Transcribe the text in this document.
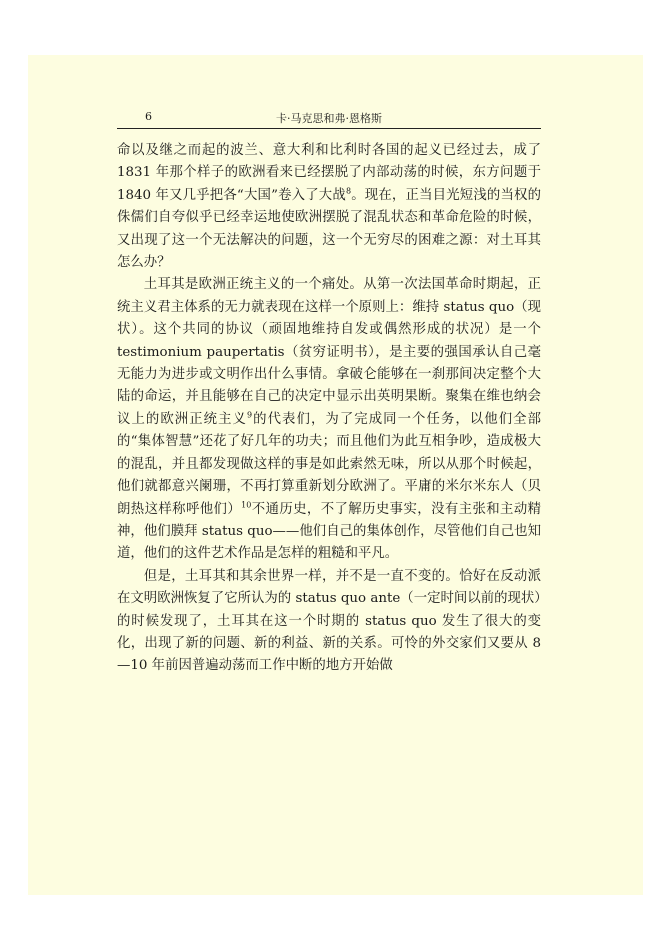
6	卡·马克思和弗·恩格斯

命以及继之而起的波兰、意大利和比利时各国的起义已经过去，成了 1831 年那个样子的欧洲看来已经摆脱了内部动荡的时候，东方问题于 1840 年又几乎把各“大国”卷入了大战$^8$。现在，正当目光短浅的当权的侏儒们自夸似乎已经幸运地使欧洲摆脱了混乱状态和革命危险的时候，又出现了这一个无法解决的问题，这一个无穷尽的困难之源：对土耳其怎么办？

土耳其是欧洲正统主义的一个痛处。从第一次法国革命时期起，正统主义君主体系的无力就表现在这样一个原则上：维持 status quo（现状）。这个共同的协议（顽固地维持自发或偶然形成的状况）是一个 testimonium paupertatis（贫穷证明书），是主要的强国承认自己毫无能力为进步或文明作出什么事情。拿破仑能够在一刹那间决定整个大陆的命运，并且能够在自己的决定中显示出英明果断。聚集在维也纳会议上的欧洲正统主义$^9$的代表们，为了完成同一个任务，以他们全部的“集体智慧”还花了好几年的功夫；而且他们为此互相争吵，造成极大的混乱，并且都发现做这样的事是如此索然无味，所以从那个时候起，他们就都意兴阑珊，不再打算重新划分欧洲了。平庸的米尔米东人（贝朗热这样称呼他们）$^{10}$不通历史，不了解历史事实，没有主张和主动精神，他们膜拜 status quo——他们自己的集体创作，尽管他们自己也知道，他们的这件艺术作品是怎样的粗糙和平凡。

但是，土耳其和其余世界一样，并不是一直不变的。恰好在反动派在文明欧洲恢复了它所认为的 status quo ante（一定时间以前的现状）的时候发现了，土耳其在这一个时期的 status quo 发生了很大的变化，出现了新的问题、新的利益、新的关系。可怜的外交家们又要从 8—10 年前因普遍动荡而工作中断的地方开始做
